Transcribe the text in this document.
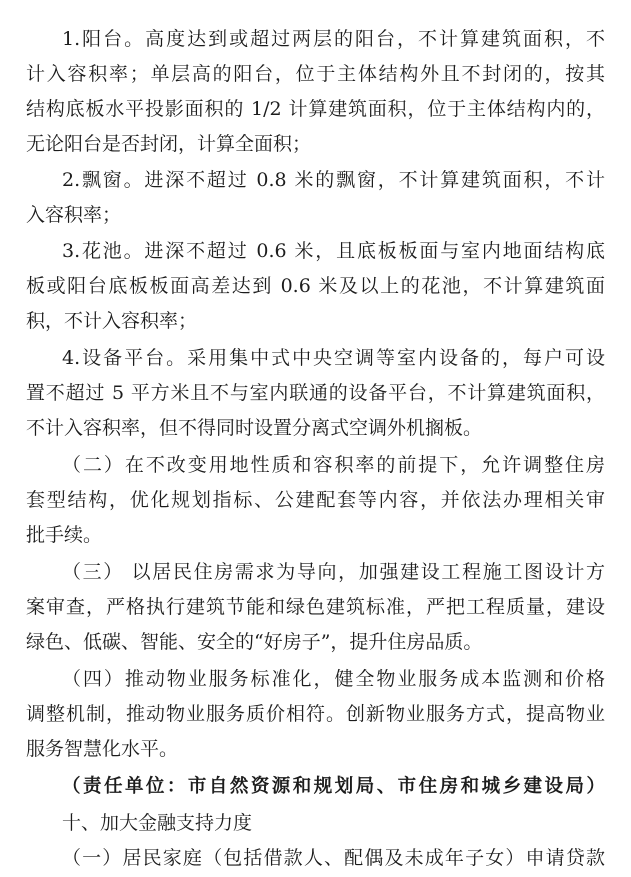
1.阳台。高度达到或超过两层的阳台，不计算建筑面积，不
计入容积率；单层高的阳台，位于主体结构外且不封闭的，按其
结构底板水平投影面积的 1/2 计算建筑面积，位于主体结构内的，
无论阳台是否封闭，计算全面积；
2.飘窗。进深不超过 0.8 米的飘窗，不计算建筑面积，不计
入容积率；
3.花池。进深不超过 0.6 米，且底板板面与室内地面结构底
板或阳台底板板面高差达到 0.6 米及以上的花池，不计算建筑面
积，不计入容积率；
4.设备平台。采用集中式中央空调等室内设备的，每户可设
置不超过 5 平方米且不与室内联通的设备平台，不计算建筑面积，
不计入容积率，但不得同时设置分离式空调外机搁板。
（二）在不改变用地性质和容积率的前提下，允许调整住房
套型结构，优化规划指标、公建配套等内容，并依法办理相关审
批手续。
（三） 以居民住房需求为导向，加强建设工程施工图设计方
案审查，严格执行建筑节能和绿色建筑标准，严把工程质量，建设
绿色、低碳、智能、安全的“好房子”，提升住房品质。
（四）推动物业服务标准化，健全物业服务成本监测和价格
调整机制，推动物业服务质价相符。创新物业服务方式，提高物业
服务智慧化水平。
（责任单位：市自然资源和规划局、市住房和城乡建设局）
十、加大金融支持力度
（一）居民家庭（包括借款人、配偶及未成年子女）申请贷款
